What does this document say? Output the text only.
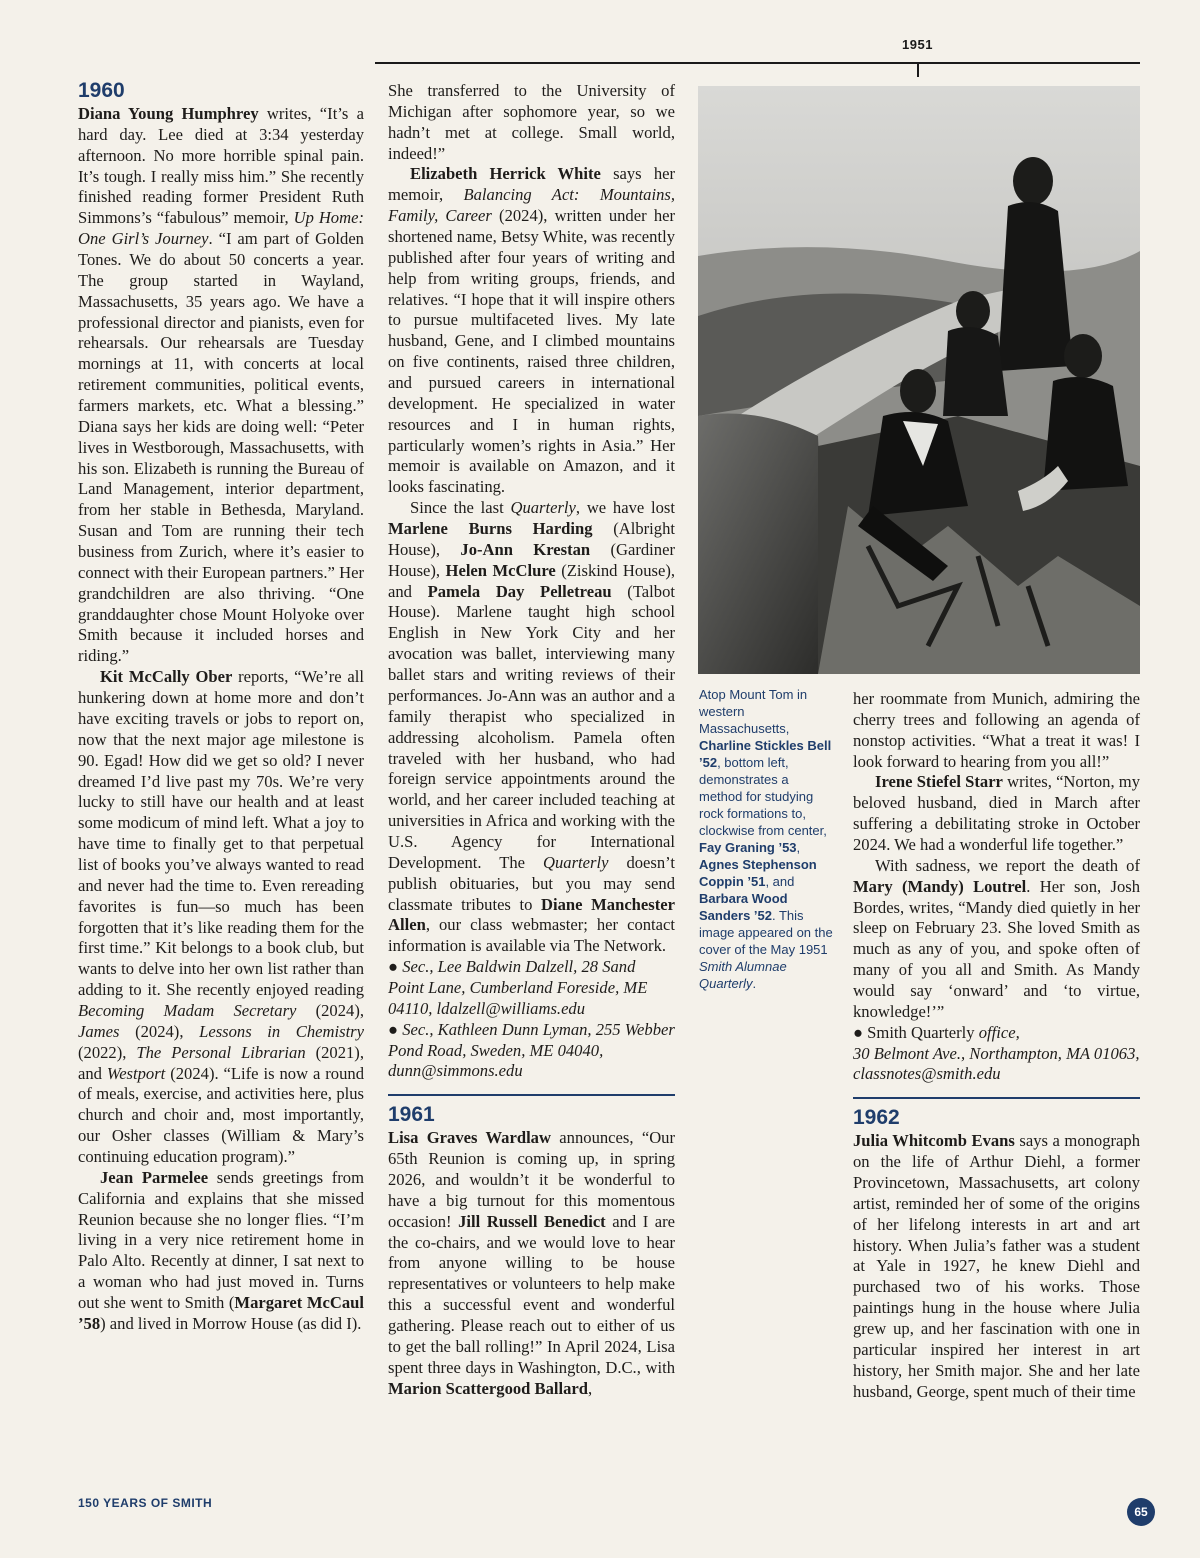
1951
1960

Diana Young Humphrey writes, “It’s a hard day. Lee died at 3:34 yesterday afternoon. No more horrible spinal pain. It’s tough. I really miss him.” She recently finished reading former President Ruth Simmons’s “fabulous” memoir, Up Home: One Girl’s Journey. “I am part of Golden Tones. We do about 50 concerts a year. The group started in Wayland, Massachusetts, 35 years ago. We have a professional director and pianists, even for rehearsals. Our rehearsals are Tuesday mornings at 11, with concerts at local retirement communities, political events, farmers markets, etc. What a blessing.” Diana says her kids are doing well: “Peter lives in Westborough, Massachusetts, with his son. Elizabeth is running the Bureau of Land Management, interior department, from her stable in Bethesda, Maryland. Susan and Tom are running their tech business from Zurich, where it’s easier to connect with their European partners.” Her grandchildren are also thriving. “One granddaughter chose Mount Holyoke over Smith because it included horses and riding.”

Kit McCally Ober reports, “We’re all hunkering down at home more and don’t have exciting travels or jobs to report on, now that the next major age milestone is 90. Egad! How did we get so old? I never dreamed I’d live past my 70s. We’re very lucky to still have our health and at least some modicum of mind left. What a joy to have time to finally get to that perpetual list of books you’ve always wanted to read and never had the time to. Even rereading favorites is fun—so much has been forgotten that it’s like reading them for the first time.” Kit belongs to a book club, but wants to delve into her own list rather than adding to it. She recently enjoyed reading Becoming Madam Secretary (2024), James (2024), Lessons in Chemistry (2022), The Personal Librarian (2021), and Westport (2024). “Life is now a round of meals, exercise, and activities here, plus church and choir and, most importantly, our Osher classes (William & Mary’s continuing education program).”

Jean Parmelee sends greetings from California and explains that she missed Reunion because she no longer flies. “I’m living in a very nice retirement home in Palo Alto. Recently at dinner, I sat next to a woman who had just moved in. Turns out she went to Smith (Margaret McCaul ’58) and lived in Morrow House (as did I).

She transferred to the University of Michigan after sophomore year, so we hadn’t met at college. Small world, indeed!”

Elizabeth Herrick White says her memoir, Balancing Act: Mountains, Family, Career (2024), written under her shortened name, Betsy White, was recently published after four years of writing and help from writing groups, friends, and relatives. “I hope that it will inspire others to pursue multifaceted lives. My late husband, Gene, and I climbed mountains on five continents, raised three children, and pursued careers in international development. He specialized in water resources and I in human rights, particularly women’s rights in Asia.” Her memoir is available on Amazon, and it looks fascinating.

Since the last Quarterly, we have lost Marlene Burns Harding (Albright House), Jo-Ann Krestan (Gardiner House), Helen McClure (Ziskind House), and Pamela Day Pelletreau (Talbot House). Marlene taught high school English in New York City and her avocation was ballet, interviewing many ballet stars and writing reviews of their performances. Jo-Ann was an author and a family therapist who specialized in addressing alcoholism. Pamela often traveled with her husband, who had foreign service appointments around the world, and her career included teaching at universities in Africa and working with the U.S. Agency for International Development. The Quarterly doesn’t publish obituaries, but you may send classmate tributes to Diane Manchester Allen, our class webmaster; her contact information is available via The Network.

● Sec., Lee Baldwin Dalzell, 28 Sand Point Lane, Cumberland Foreside, ME 04110, ldalzell@williams.edu

● Sec., Kathleen Dunn Lyman, 255 Webber Pond Road, Sweden, ME 04040, dunn@simmons.edu

1961

Lisa Graves Wardlaw announces, “Our 65th Reunion is coming up, in spring 2026, and wouldn’t it be wonderful to have a big turnout for this momentous occasion! Jill Russell Benedict and I are the co-chairs, and we would love to hear from anyone willing to be house representatives or volunteers to help make this a successful event and wonderful gathering. Please reach out to either of us to get the ball rolling!” In April 2024, Lisa spent three days in Washington, D.C., with Marion Scattergood Ballard,

Atop Mount Tom in western Massachusetts, Charline Stickles Bell ’52, bottom left, demonstrates a method for studying rock formations to, clockwise from center, Fay Graning ’53, Agnes Stephenson Coppin ’51, and Barbara Wood Sanders ’52. This image appeared on the cover of the May 1951 Smith Alumnae Quarterly.

her roommate from Munich, admiring the cherry trees and following an agenda of nonstop activities. “What a treat it was! I look forward to hearing from you all!”

Irene Stiefel Starr writes, “Norton, my beloved husband, died in March after suffering a debilitating stroke in October 2024. We had a wonderful life together.”

With sadness, we report the death of Mary (Mandy) Loutrel. Her son, Josh Bordes, writes, “Mandy died quietly in her sleep on February 23. She loved Smith as much as any of you, and spoke often of many of you all and Smith. As Mandy would say ‘onward’ and ‘to virtue, knowledge!’”

● Smith Quarterly office,
30 Belmont Ave., Northampton, MA 01063, classnotes@smith.edu

1962

Julia Whitcomb Evans says a monograph on the life of Arthur Diehl, a former Provincetown, Massachusetts, art colony artist, reminded her of some of the origins of her lifelong interests in art and art history. When Julia’s father was a student at Yale in 1927, he knew Diehl and purchased two of his works. Those paintings hung in the house where Julia grew up, and her fascination with one in particular inspired her interest in art history, her Smith major. She and her late husband, George, spent much of their time

150 YEARS OF SMITH
65
